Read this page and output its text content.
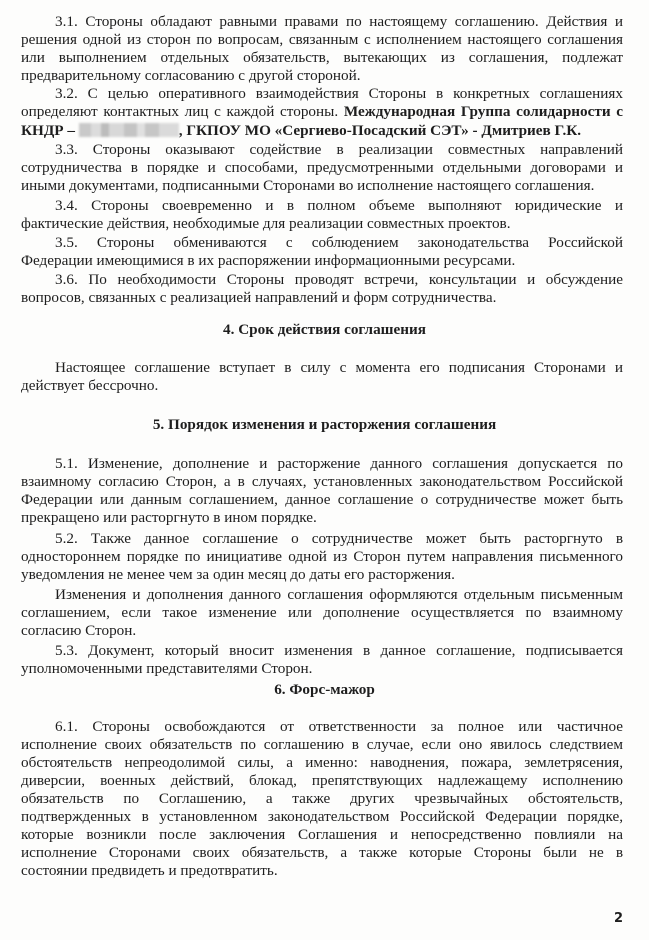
3.1. Стороны обладают равными правами по настоящему соглашению. Действия и
решения одной из сторон по вопросам, связанным с исполнением настоящего соглашения
или выполнением отдельных обязательств, вытекающих из соглашения, подлежат
предварительному согласованию с другой стороной.
3.2. С целью оперативного взаимодействия Стороны в конкретных соглашениях
определяют контактных лиц с каждой стороны. Международная Группа солидарности с
КНДР –	, ГКПОУ МО «Сергиево-Посадский СЭТ» - Дмитриев Г.К.
3.3. Стороны оказывают содействие в реализации совместных направлений
сотрудничества в порядке и способами, предусмотренными отдельными договорами и
иными документами, подписанными Сторонами во исполнение настоящего соглашения.
3.4. Стороны своевременно и в полном объеме выполняют юридические и
фактические действия, необходимые для реализации совместных проектов.
3.5. Стороны обмениваются с соблюдением законодательства Российской
Федерации имеющимися в их распоряжении информационными ресурсами.
3.6. По необходимости Стороны проводят встречи, консультации и обсуждение
вопросов, связанных с реализацией направлений и форм сотрудничества.
4. Срок действия соглашения
Настоящее соглашение вступает в силу с момента его подписания Сторонами и
действует бессрочно.
5. Порядок изменения и расторжения соглашения
5.1. Изменение, дополнение и расторжение данного соглашения допускается по
взаимному согласию Сторон, а в случаях, установленных законодательством Российской
Федерации или данным соглашением, данное соглашение о сотрудничестве может быть
прекращено или расторгнуто в ином порядке.
5.2. Также данное соглашение о сотрудничестве может быть расторгнуто в
одностороннем порядке по инициативе одной из Сторон путем направления письменного
уведомления не менее чем за один месяц до даты его расторжения.
Изменения и дополнения данного соглашения оформляются отдельным письменным
соглашением, если такое изменение или дополнение осуществляется по взаимному
согласию Сторон.
5.3. Документ, который вносит изменения в данное соглашение, подписывается
уполномоченными представителями Сторон.
6. Форс-мажор
6.1. Стороны освобождаются от ответственности за полное или частичное
исполнение своих обязательств по соглашению в случае, если оно явилось следствием
обстоятельств непреодолимой силы, а именно: наводнения, пожара, землетрясения,
диверсии, военных действий, блокад, препятствующих надлежащему исполнению
обязательств по Соглашению, а также других чрезвычайных обстоятельств,
подтвержденных в установленном законодательством Российской Федерации порядке,
которые возникли после заключения Соглашения и непосредственно повлияли на
исполнение Сторонами своих обязательств, а также которые Стороны были не в
состоянии предвидеть и предотвратить.
2
